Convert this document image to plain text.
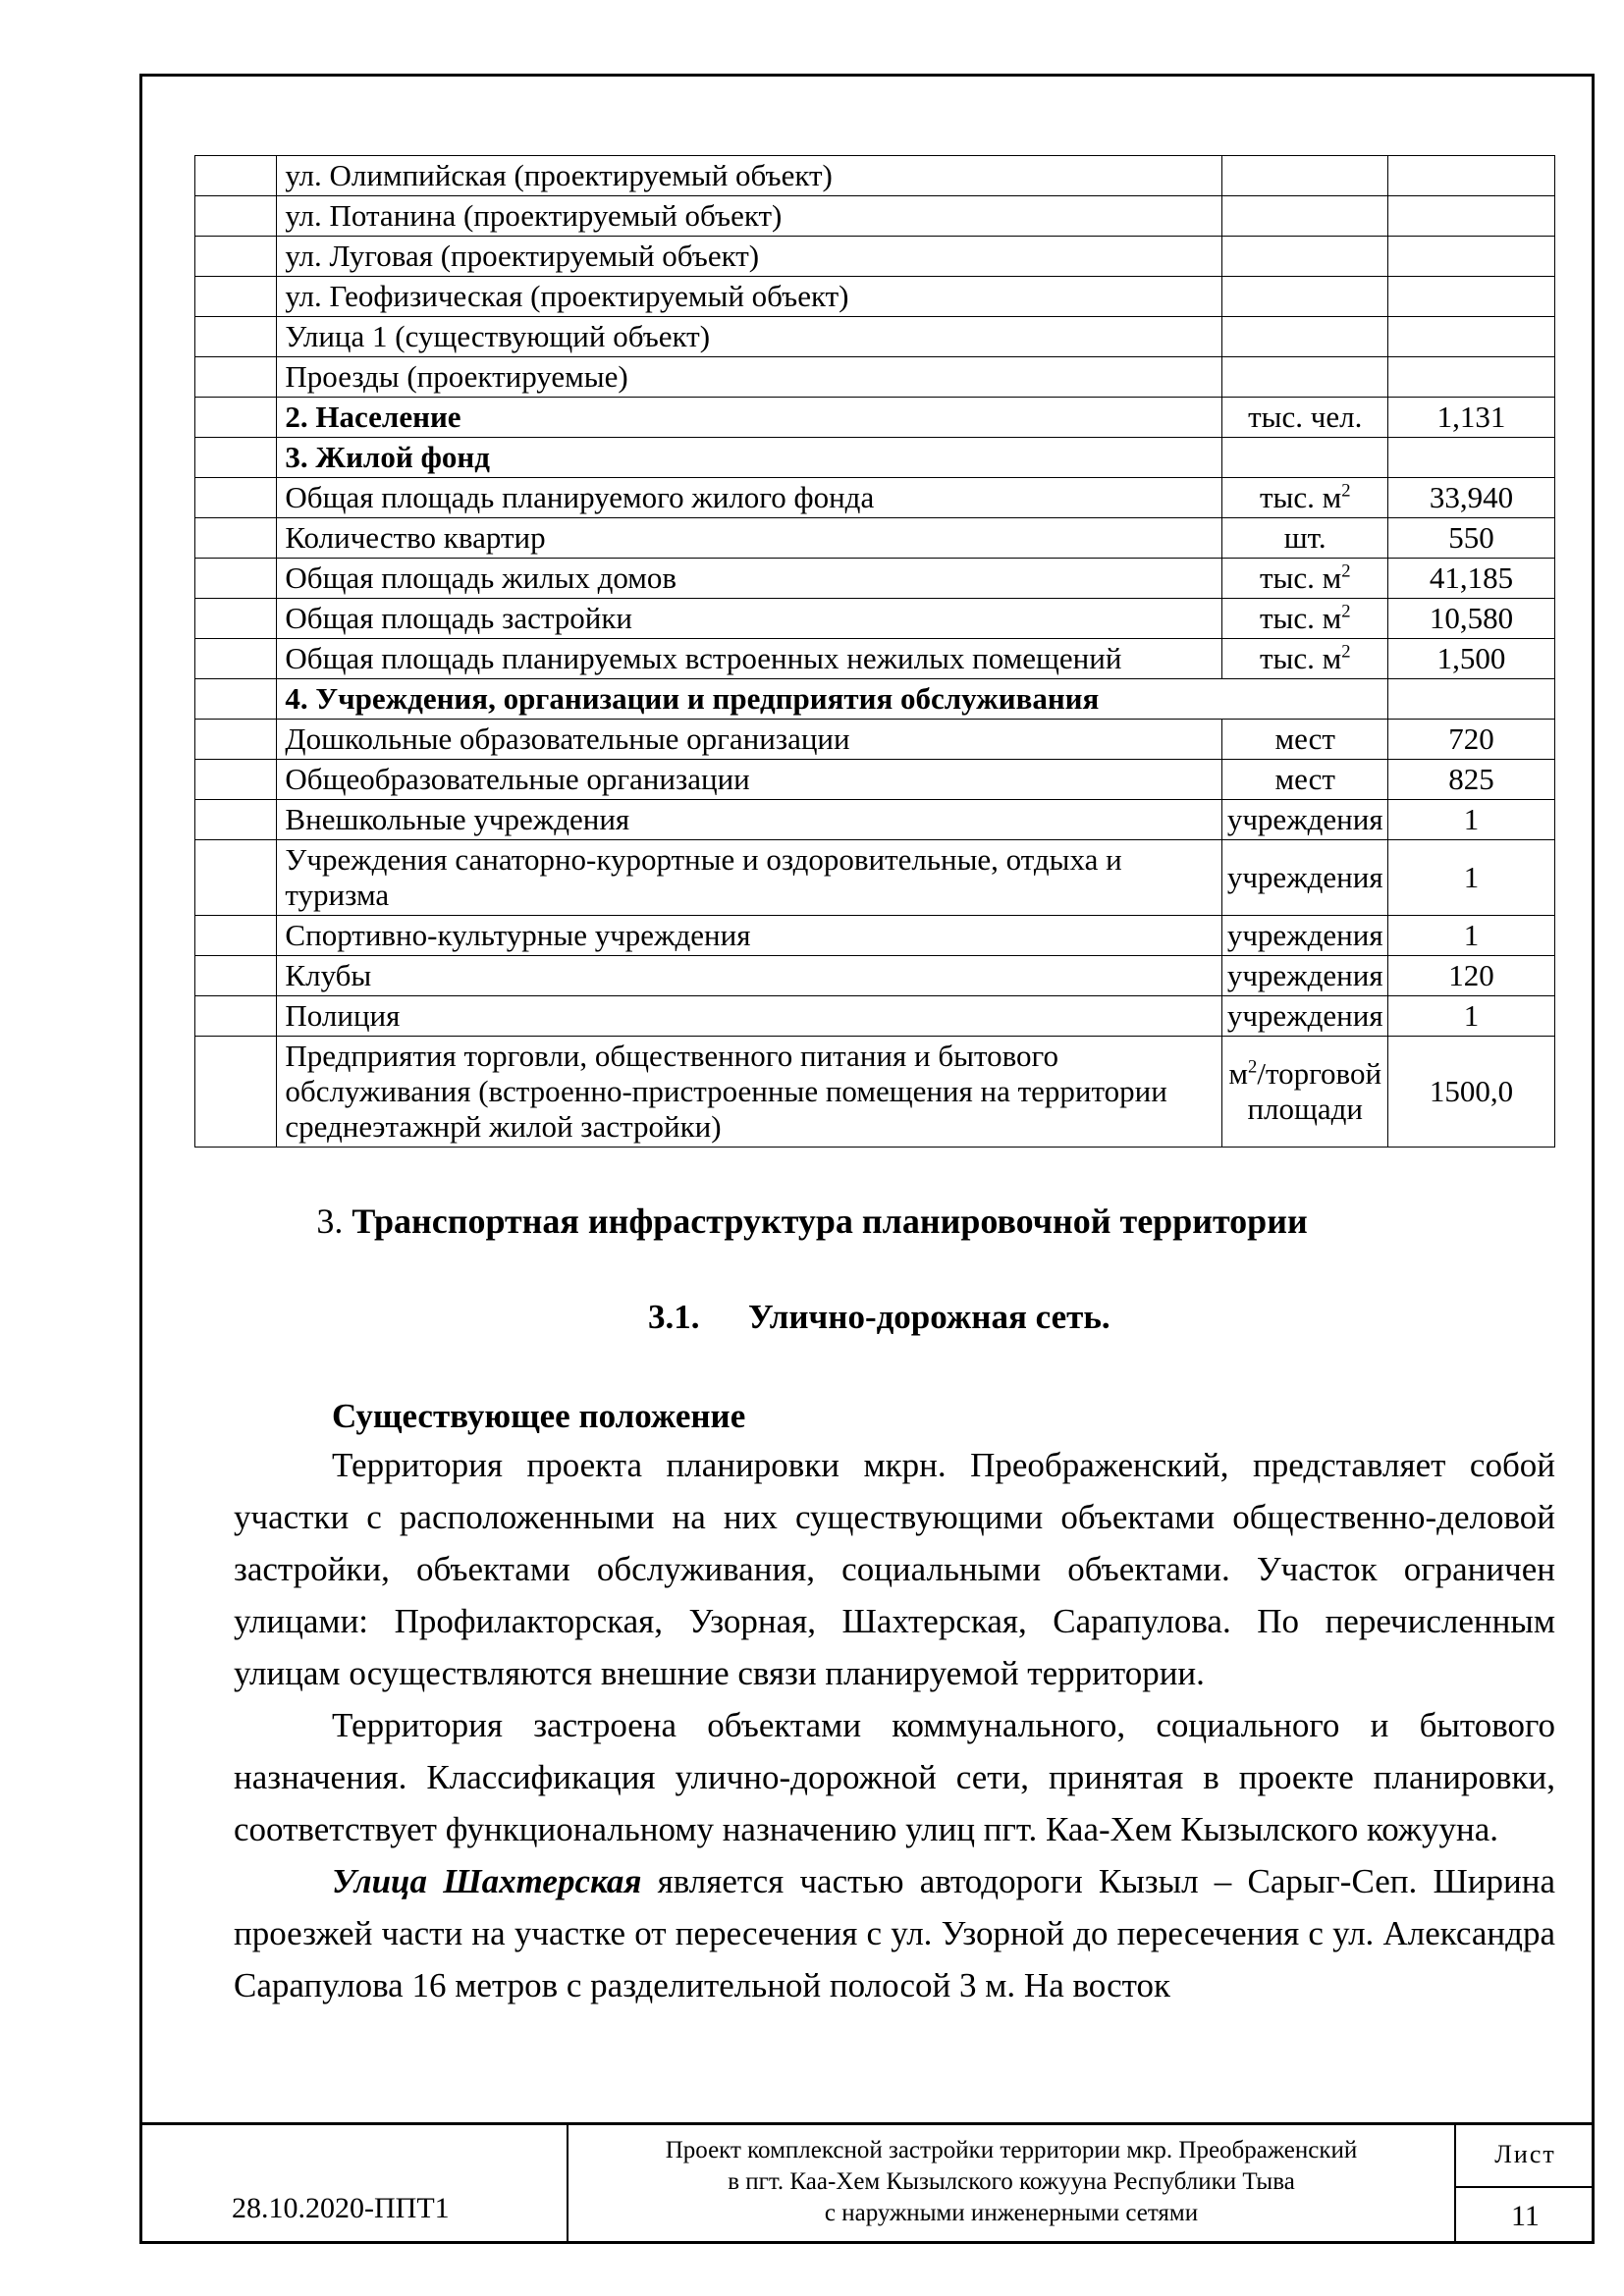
	ул. Олимпийская (проектируемый объект)		
	ул. Потанина (проектируемый объект)		
	ул. Луговая (проектируемый объект)		
	ул. Геофизическая (проектируемый объект)		
	Улица 1 (существующий объект)		
	Проезды (проектируемые)		
	2. Население	тыс. чел.	1,131
	3. Жилой фонд		
	Общая площадь планируемого жилого фонда	тыс. $м^2$	33,940
	Количество квартир	шт.	550
	Общая площадь жилых домов	тыс. $м^2$	41,185
	Общая площадь застройки	тыс. $м^2$	10,580
	Общая площадь планируемых встроенных нежилых помещений	тыс. $м^2$	1,500
	4. Учреждения, организации и предприятия обслуживания		
	Дошкольные образовательные организации	мест	720
	Общеобразовательные организации	мест	825
	Внешкольные учреждения	учреждения	1
	Учреждения санаторно-курортные и оздоровительные, отдыха и туризма	учреждения	1
	Спортивно-культурные учреждения	учреждения	1
	Клубы	учреждения	120
	Полиция	учреждения	1
	Предприятия торговли, общественного питания и бытового обслуживания (встроенно-пристроенные помещения на территории среднеэтажнрй жилой застройки)	$м^2$/торговой площади	1500,0
3. Транспортная инфраструктура планировочной территории
3.1. Улично-дорожная сеть.
Существующее положение

Территория проекта планировки мкрн. Преображенский, представляет собой участки с расположенными на них существующими объектами общественно-деловой застройки, объектами обслуживания, социальными объектами. Участок ограничен улицами: Профилакторская, Узорная, Шахтерская, Сарапулова. По перечисленным улицам осуществляются внешние связи планируемой территории.

Территория застроена объектами коммунального, социального и бытового назначения. Классификация улично-дорожной сети, принятая в проекте планировки, соответствует функциональному назначению улиц пгт. Каа-Хем Кызылского кожууна.

Улица Шахтерская является частью автодороги Кызыл – Сарыг-Сеп. Ширина проезжей части на участке от пересечения с ул. Узорной до пересечения с ул. Александра Сарапулова 16 метров с разделительной полосой 3 м. На восток

28.10.2020-ППТ1
Проект комплексной застройки территории мкр. Преображенский
в пгт. Каа-Хем Кызылского кожууна Республики Тыва
с наружными инженерными сетями
Лист
11
